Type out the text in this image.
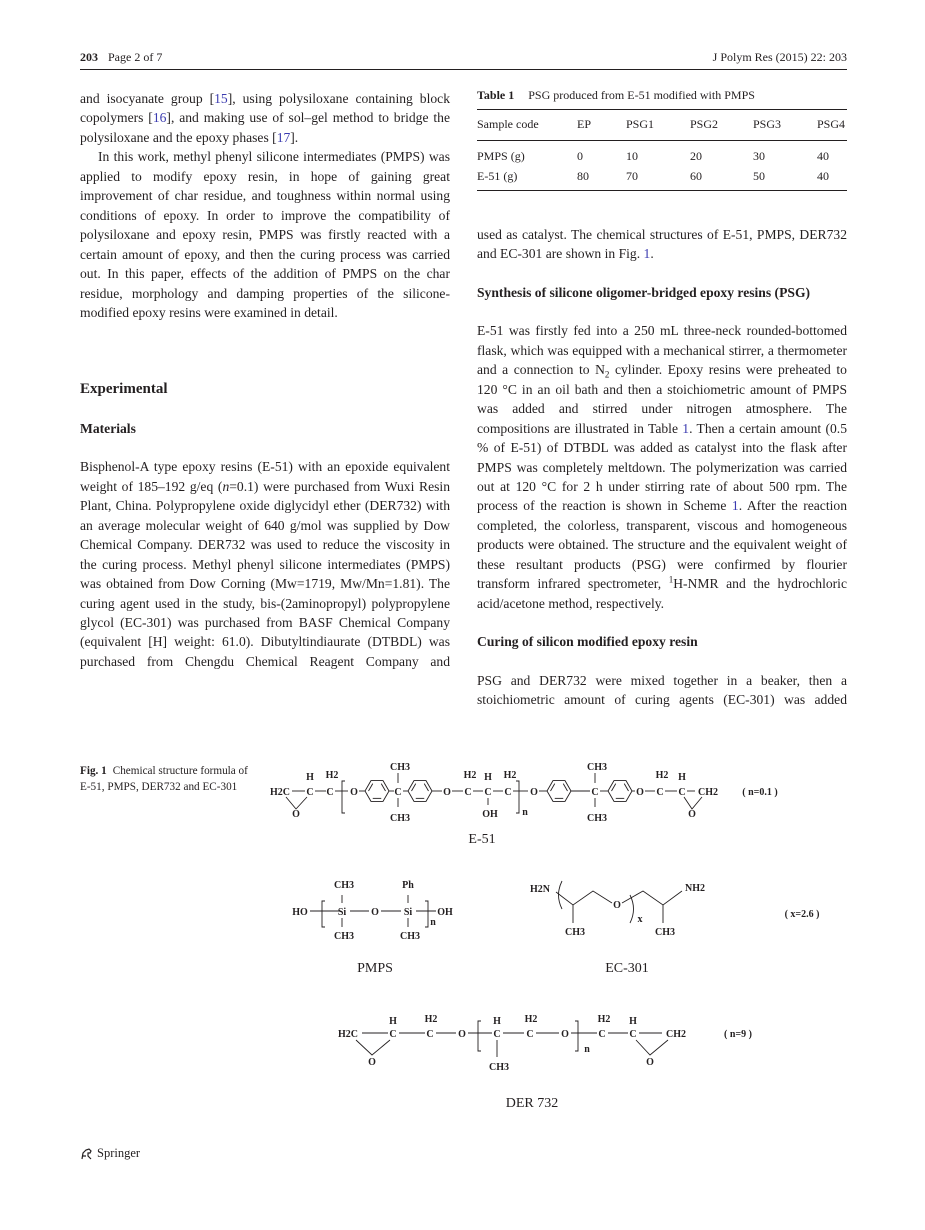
203 Page 2 of 7	J Polym Res (2015) 22: 203

and isocyanate group [15], using polysiloxane containing block copolymers [16], and making use of sol–gel method to bridge the polysiloxane and the epoxy phases [17].

In this work, methyl phenyl silicone intermediates (PMPS) was applied to modify epoxy resin, in hope of gaining great improvement of char residue, and toughness within normal using conditions of epoxy. In order to improve the compatibility of polysiloxane and epoxy resin, PMPS was firstly reacted with a certain amount of epoxy, and then the curing process was carried out. In this paper, effects of the addition of PMPS on the char residue, morphology and damping properties of the silicone-modified epoxy resins were examined in detail.

Experimental
Materials

Bisphenol-A type epoxy resins (E-51) with an epoxide equivalent weight of 185–192 g/eq (n=0.1) were purchased from Wuxi Resin Plant, China. Polypropylene oxide diglycidyl ether (DER732) with an average molecular weight of 640 g/mol was supplied by Dow Chemical Company. DER732 was used to reduce the viscosity in the curing process. Methyl phenyl silicone intermediates (PMPS) was obtained from Dow Corning (Mw=1719, Mw/Mn=1.81). The curing agent used in the study, bis-(2aminopropyl) polypropylene glycol (EC-301) was purchased from BASF Chemical Company (equivalent [H] weight: 61.0). Dibutyltindiaurate (DTBDL) was purchased from Chengdu Chemical Reagent Company and

Table 1 PSG produced from E-51 modified with PMPS
Sample code	EP	PSG1	PSG2	PSG3	PSG4
PMPS (g)	0	10	20	30	40
E-51 (g)	80	70	60	50	40

used as catalyst. The chemical structures of E-51, PMPS, DER732 and EC-301 are shown in Fig. 1.

Synthesis of silicone oligomer-bridged epoxy resins (PSG)

E-51 was firstly fed into a 250 mL three-neck rounded-bottomed flask, which was equipped with a mechanical stirrer, a thermometer and a connection to $N_2$ cylinder. Epoxy resins were preheated to 120 °C in an oil bath and then a stoichiometric amount of PMPS was added and stirred under nitrogen atmosphere. The compositions are illustrated in Table 1. Then a certain amount (0.5 % of E-51) of DTBDL was added as catalyst into the flask after PMPS was completely meltdown. The polymerization was carried out at 120 °C for 2 h under stirring rate of about 500 rpm. The process of the reaction is shown in Scheme 1. After the reaction completed, the colorless, transparent, viscous and homogeneous products were obtained. The structure and the equivalent weight of these resultant products (PSG) were confirmed by flourier transform infrared spectrometer, $^1$H-NMR and the hydrochloric acid/acetone method, respectively.

Curing of silicon modified epoxy resin

PSG and DER732 were mixed together in a beaker, then a stoichiometric amount of curing agents (EC-301) was added

Fig. 1 Chemical structure formula of E-51, PMPS, DER732 and EC-301	H2C
H
C
H2
C
O
O	C
CH3
CH3
O
H2
C
H
C
OH
H2
C
n
O	C
CH3
CH3
O
H2
C
H
C CH2
O
( n=0.1 )
E-51
HO	Si
CH3
CH3
O Si
Ph
CH3
n
OH
PMPS
H2N
CH3	CH3
O
NH2
x	( x=2.6 )
EC-301
H2C
H
C
H2
C O
O
H
C
CH3
H2
C	O
n
H2
C
H
C	CH2
O
( n=9 )
DER 732
Springer
